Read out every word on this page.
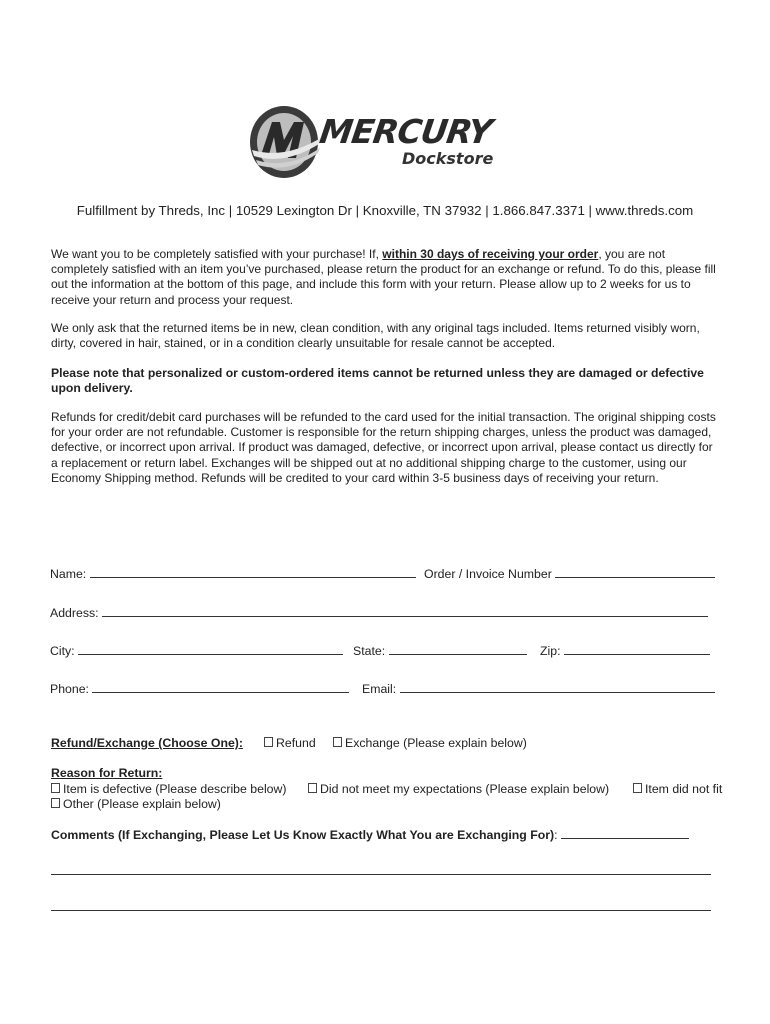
MERCURY
Dockstore
Fulfillment by Threds, Inc | 10529 Lexington Dr | Knoxville, TN 37932 | 1.866.847.3371 | www.threds.com
We want you to be completely satisfied with your purchase! If, within 30 days of receiving your order, you are not completely satisfied with an item you’ve purchased, please return the product for an exchange or refund. To do this, please fill out the information at the bottom of this page, and include this form with your return. Please allow up to 2 weeks for us to receive your return and process your request.
We only ask that the returned items be in new, clean condition, with any original tags included. Items returned visibly worn, dirty, covered in hair, stained, or in a condition clearly unsuitable for resale cannot be accepted.
Please note that personalized or custom-ordered items cannot be returned unless they are damaged or defective upon delivery.
Refunds for credit/debit card purchases will be refunded to the card used for the initial transaction. The original shipping costs for your order are not refundable. Customer is responsible for the return shipping charges, unless the product was damaged, defective, or incorrect upon arrival. If product was damaged, defective, or incorrect upon arrival, please contact us directly for a replacement or return label. Exchanges will be shipped out at no additional shipping charge to the customer, using our Economy Shipping method. Refunds will be credited to your card within 3-5 business days of receiving your return.
Name:	Order / Invoice Number
Address:
City:	State:	Zip:
Phone:	Email:
Refund/Exchange (Choose One):	Refund	Exchange (Please explain below)
Reason for Return:
Item is defective (Please describe below)	Did not meet my expectations (Please explain below)	Item did not fit
Other (Please explain below)
Comments (If Exchanging, Please Let Us Know Exactly What You are Exchanging For):
